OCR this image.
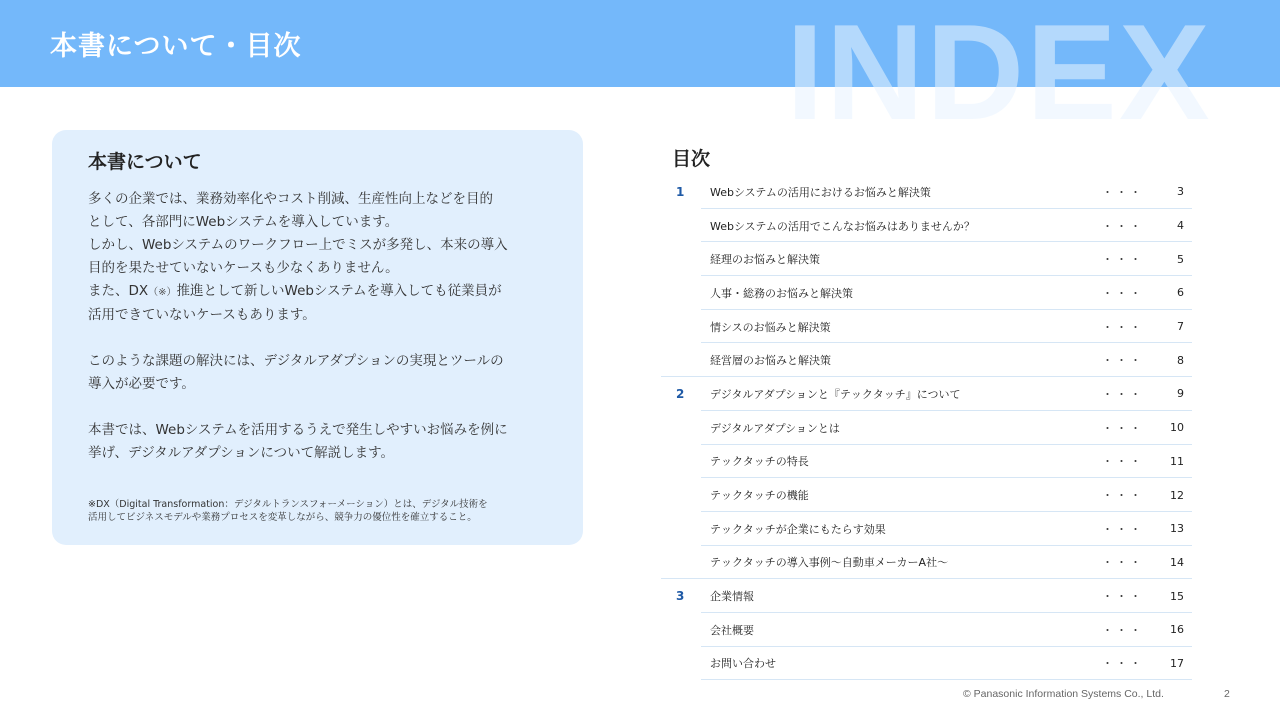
本書について・目次	INDEX
本書について

多くの企業では、業務効率化やコスト削減、生産性向上などを目的

として、各部門にWebシステムを導入しています。

しかし、Webシステムのワークフロー上でミスが多発し、本来の導入

目的を果たせていないケースも少なくありません。

また、DX（※）推進として新しいWebシステムを導入しても従業員が

活用できていないケースもあります。

このような課題の解決には、デジタルアダプションの実現とツールの

導入が必要です。

本書では、Webシステムを活用するうえで発生しやすいお悩みを例に

挙げ、デジタルアダプションについて解説します。

※DX（Digital Transformation：デジタルトランスフォーメーション）とは、デジタル技術を

活用してビジネスモデルや業務プロセスを変革しながら、競争力の優位性を確立すること。

目次
1	Webシステムの活用におけるお悩みと解決策	・・・	3
Webシステムの活用でこんなお悩みはありませんか？	・・・	4
経理のお悩みと解決策	・・・	5
人事・総務のお悩みと解決策	・・・	6
情シスのお悩みと解決策	・・・	7
経営層のお悩みと解決策	・・・	8
2	デジタルアダプションと『テックタッチ』について	・・・	9
デジタルアダプションとは	・・・	10
テックタッチの特長	・・・	11
テックタッチの機能	・・・	12
テックタッチが企業にもたらす効果	・・・	13
テックタッチの導入事例～自動車メーカーA社～	・・・	14
3	企業情報	・・・	15
会社概要	・・・	16
お問い合わせ	・・・	17
© Panasonic Information Systems Co., Ltd.	2
